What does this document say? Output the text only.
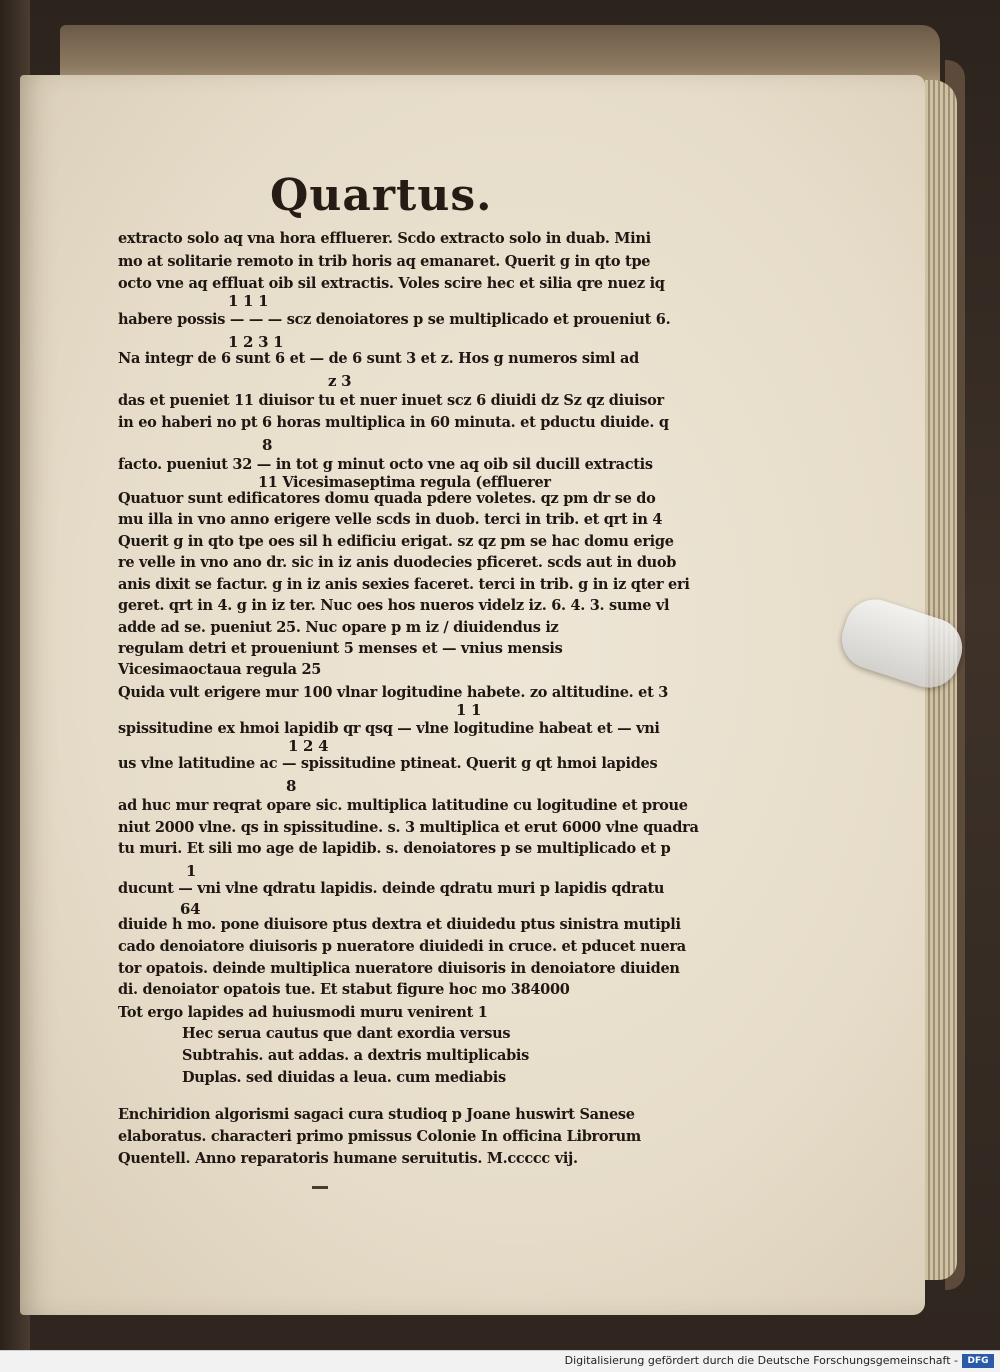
Quartus.
extracto solo aq vna hora effluerer. Scdo extracto solo in duab. Mini
mo at solitarie remoto in trib horis aq emanaret. Querit g in qto tpe
octo vne aq effluat oib sil extractis. Voles scire hec et silia qre nuez iq
1 1 1
habere possis — — — scz denoiatores p se multiplicado et proueniut 6.
1 2 3 1
Na integr de 6 sunt 6 et — de 6 sunt 3 et z. Hos g numeros siml ad
z 3
das et pueniet 11 diuisor tu et nuer inuet scz 6 diuidi dz Sz qz diuisor
in eo haberi no pt 6 horas multiplica in 60 minuta. et pductu diuide. q
8
facto. pueniut 32 — in tot g minut octo vne aq oib sil ducill extractis
11 Vicesimaseptima regula (effluerer
Quatuor sunt edificatores domu quada pdere voletes. qz pm dr se do
mu illa in vno anno erigere velle scds in duob. terci in trib. et qrt in 4
Querit g in qto tpe oes sil h edificiu erigat. sz qz pm se hac domu erige
re velle in vno ano dr. sic in iz anis duodecies pficeret. scds aut in duob
anis dixit se factur. g in iz anis sexies faceret. terci in trib. g in iz qter eri
geret. qrt in 4. g in iz ter. Nuc oes hos nueros videlz iz. 6. 4. 3. sume vl
adde ad se. pueniut 25. Nuc opare p m iz / diuidendus iz
regulam detri et proueniunt 5 menses et — vnius mensis
Vicesimaoctaua regula 25
Quida vult erigere mur 100 vlnar logitudine habete. zo altitudine. et 3
1 1
spissitudine ex hmoi lapidib qr qsq — vlne logitudine habeat et — vni
1 2 4
us vlne latitudine ac — spissitudine ptineat. Querit g qt hmoi lapides
8
ad huc mur reqrat opare sic. multiplica latitudine cu logitudine et proue
niut 2000 vlne. qs in spissitudine. s. 3 multiplica et erut 6000 vlne quadra
tu muri. Et sili mo age de lapidib. s. denoiatores p se multiplicado et p
1
ducunt — vni vlne qdratu lapidis. deinde qdratu muri p lapidis qdratu
64
diuide h mo. pone diuisore ptus dextra et diuidedu ptus sinistra mutipli
cado denoiatore diuisoris p nueratore diuidedi in cruce. et pducet nuera
tor opatois. deinde multiplica nueratore diuisoris in denoiatore diuiden
di. denoiator opatois tue. Et stabut figure hoc mo 384000
Tot ergo lapides ad huiusmodi muru venirent 1
Hec serua cautus que dant exordia versus
Subtrahis. aut addas. a dextris multiplicabis
Duplas. sed diuidas a leua. cum mediabis
Enchiridion algorismi sagaci cura studioq p Joane huswirt Sanese
elaboratus. characteri primo pmissus Colonie In officina Librorum
Quentell. Anno reparatoris humane seruitutis. M.ccccc vij.
Digitalisierung gefördert durch die Deutsche Forschungsgemeinschaft -	DFG
